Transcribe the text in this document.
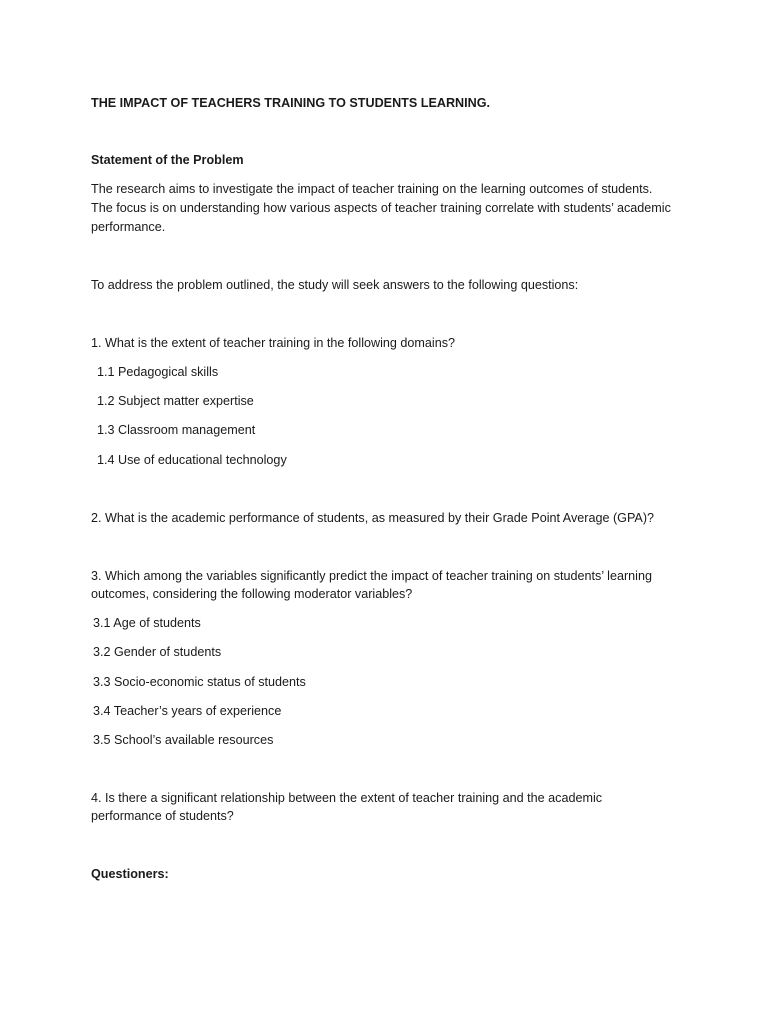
THE IMPACT OF TEACHERS TRAINING TO STUDENTS LEARNING.
Statement of the Problem
The research aims to investigate the impact of teacher training on the learning outcomes of students.
The focus is on understanding how various aspects of teacher training correlate with students’ academic
performance.
To address the problem outlined, the study will seek answers to the following questions:
1. What is the extent of teacher training in the following domains?
1.1 Pedagogical skills
1.2 Subject matter expertise
1.3 Classroom management
1.4 Use of educational technology
2. What is the academic performance of students, as measured by their Grade Point Average (GPA)?
3. Which among the variables significantly predict the impact of teacher training on students’ learning
outcomes, considering the following moderator variables?
3.1 Age of students
3.2 Gender of students
3.3 Socio-economic status of students
3.4 Teacher’s years of experience
3.5 School’s available resources
4. Is there a significant relationship between the extent of teacher training and the academic
performance of students?
Questioners:
